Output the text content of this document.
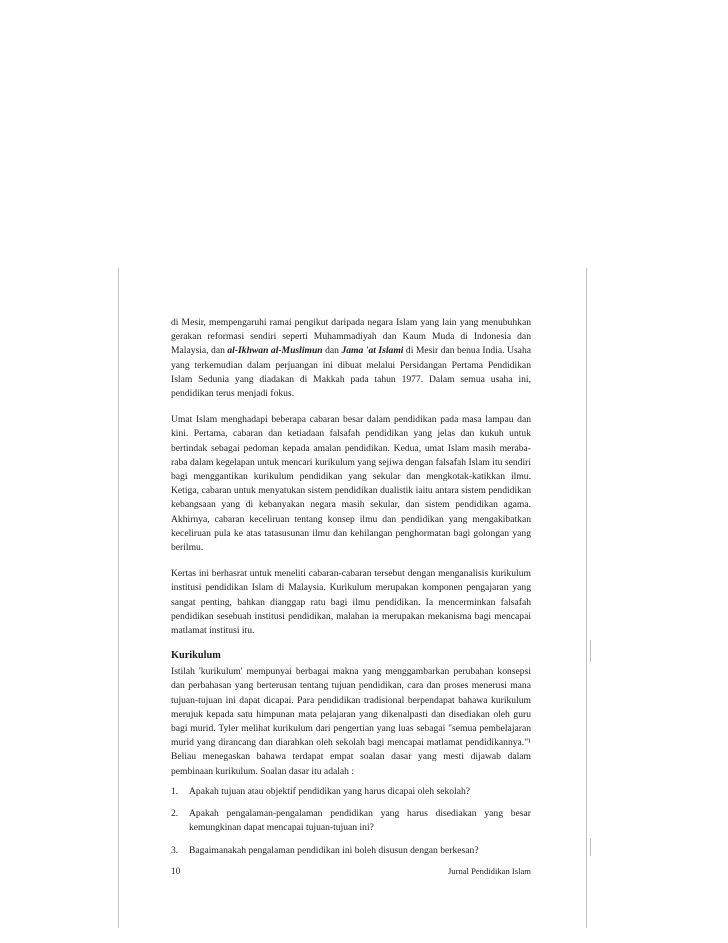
di Mesir, mempengaruhi ramai pengikut daripada negara Islam yang lain yang menubuhkan gerakan reformasi sendiri seperti Muhammadiyah dan Kaum Muda di Indonesia dan Malaysia, dan al-Ikhwan al-Muslimun dan Jama 'at Islami di Mesir dan benua India. Usaha yang terkemudian dalam perjuangan ini dibuat melalui Persidangan Pertama Pendidikan Islam Sedunia yang diadakan di Makkah pada tahun 1977. Dalam semua usaha ini, pendidikan terus menjadi fokus.

Umat Islam menghadapi beberapa cabaran besar dalam pendidikan pada masa lampau dan kini. Pertama, cabaran dan ketiadaan falsafah pendidikan yang jelas dan kukuh untuk bertindak sebagai pedoman kepada amalan pendidikan. Kedua, umat Islam masih meraba-raba dalam kegelapan untuk mencari kurikulum yang sejiwa dengan falsafah Islam itu sendiri bagi menggantikan kurikulum pendidikan yang sekular dan mengkotak-katikkan ilmu. Ketiga, cabaran untuk menyatukan sistem pendidikan dualistik iaitu antara sistem pendidikan kebangsaan yang di kebanyakan negara masih sekular, dan sistem pendidikan agama. Akhirnya, cabaran keceliruan tentang konsep ilmu dan pendidikan yang mengakibatkan keceliruan pula ke atas tatasusunan ilmu dan kehilangan penghormatan bagi golongan yang berilmu.

Kertas ini berhasrat untuk meneliti cabaran-cabaran tersebut dengan menganalisis kurikulum institusi pendidikan Islam di Malaysia. Kurikulum merupakan komponen pengajaran yang sangat penting, bahkan dianggap ratu bagi ilmu pendidikan. Ia mencerminkan falsafah pendidikan sesebuah institusi pendidikan, malahan ia merupakan mekanisma bagi mencapai matlamat institusi itu.

Kurikulum

Istilah 'kurikulum' mempunyai berbagai makna yang menggambarkan perubahan konsepsi dan perbahasan yang berterusan tentang tujuan pendidikan, cara dan proses menerusi mana tujuan-tujuan ini dapat dicapai. Para pendidikan tradisional berpendapat bahawa kurikulum merujuk kepada satu himpunan mata pelajaran yang dikenalpasti dan disediakan oleh guru bagi murid. Tyler melihat kurikulum dari pengertian yang luas sebagai "semua pembelajaran murid yang dirancang dan diarahkan oleh sekolah bagi mencapai matlamat pendidikannya."¹ Beliau menegaskan bahawa terdapat empat soalan dasar yang mesti dijawab dalam pembinaan kurikulum. Soalan dasar itu adalah :

1.	Apakah tujuan atau objektif pendidikan yang harus dicapai oleh sekolah?
2.	Apakah pengalaman-pengalaman pendidikan yang harus disediakan yang besar kemungkinan dapat mencapai tujuan-tujuan ini?
3.	Bagaimanakah pengalaman pendidikan ini boleh disusun dengan berkesan?
10	Jurnal Pendidikan Islam
